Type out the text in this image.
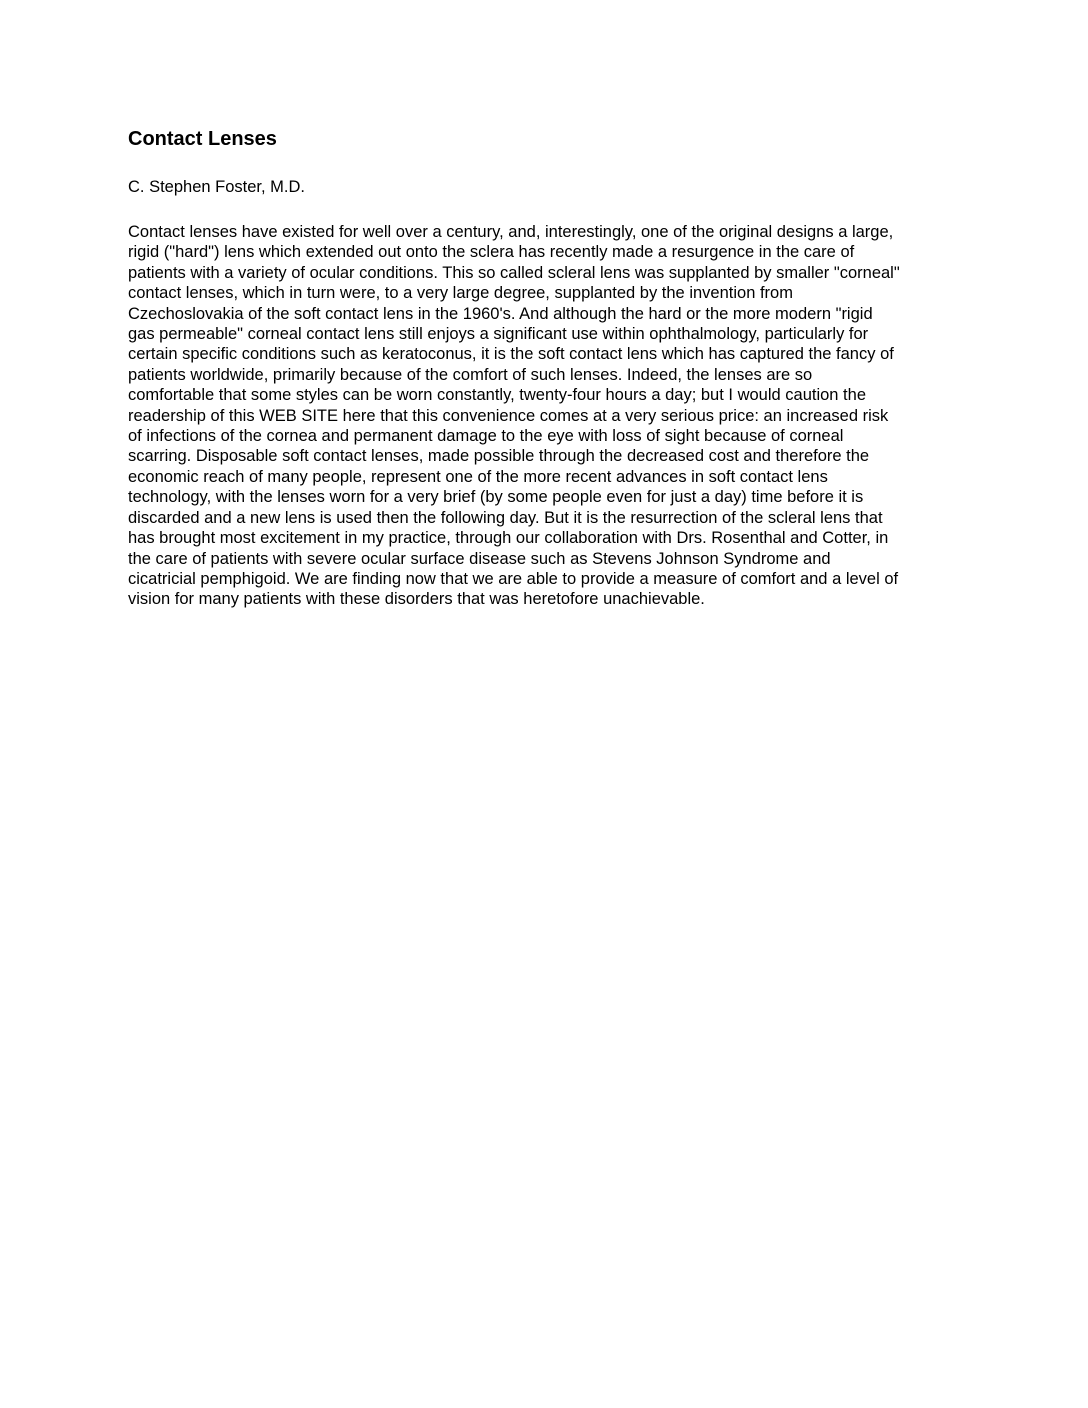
Contact Lenses

C. Stephen Foster, M.D.

Contact lenses have existed for well over a century, and, interestingly, one of the original designs a large,
rigid ("hard") lens which extended out onto the sclera has recently made a resurgence in the care of
patients with a variety of ocular conditions. This so called scleral lens was supplanted by smaller "corneal"
contact lenses, which in turn were, to a very large degree, supplanted by the invention from
Czechoslovakia of the soft contact lens in the 1960's. And although the hard or the more modern "rigid
gas permeable" corneal contact lens still enjoys a significant use within ophthalmology, particularly for
certain specific conditions such as keratoconus, it is the soft contact lens which has captured the fancy of
patients worldwide, primarily because of the comfort of such lenses. Indeed, the lenses are so
comfortable that some styles can be worn constantly, twenty-four hours a day; but I would caution the
readership of this WEB SITE here that this convenience comes at a very serious price: an increased risk
of infections of the cornea and permanent damage to the eye with loss of sight because of corneal
scarring. Disposable soft contact lenses, made possible through the decreased cost and therefore the
economic reach of many people, represent one of the more recent advances in soft contact lens
technology, with the lenses worn for a very brief (by some people even for just a day) time before it is
discarded and a new lens is used then the following day. But it is the resurrection of the scleral lens that
has brought most excitement in my practice, through our collaboration with Drs. Rosenthal and Cotter, in
the care of patients with severe ocular surface disease such as Stevens Johnson Syndrome and
cicatricial pemphigoid. We are finding now that we are able to provide a measure of comfort and a level of
vision for many patients with these disorders that was heretofore unachievable.
